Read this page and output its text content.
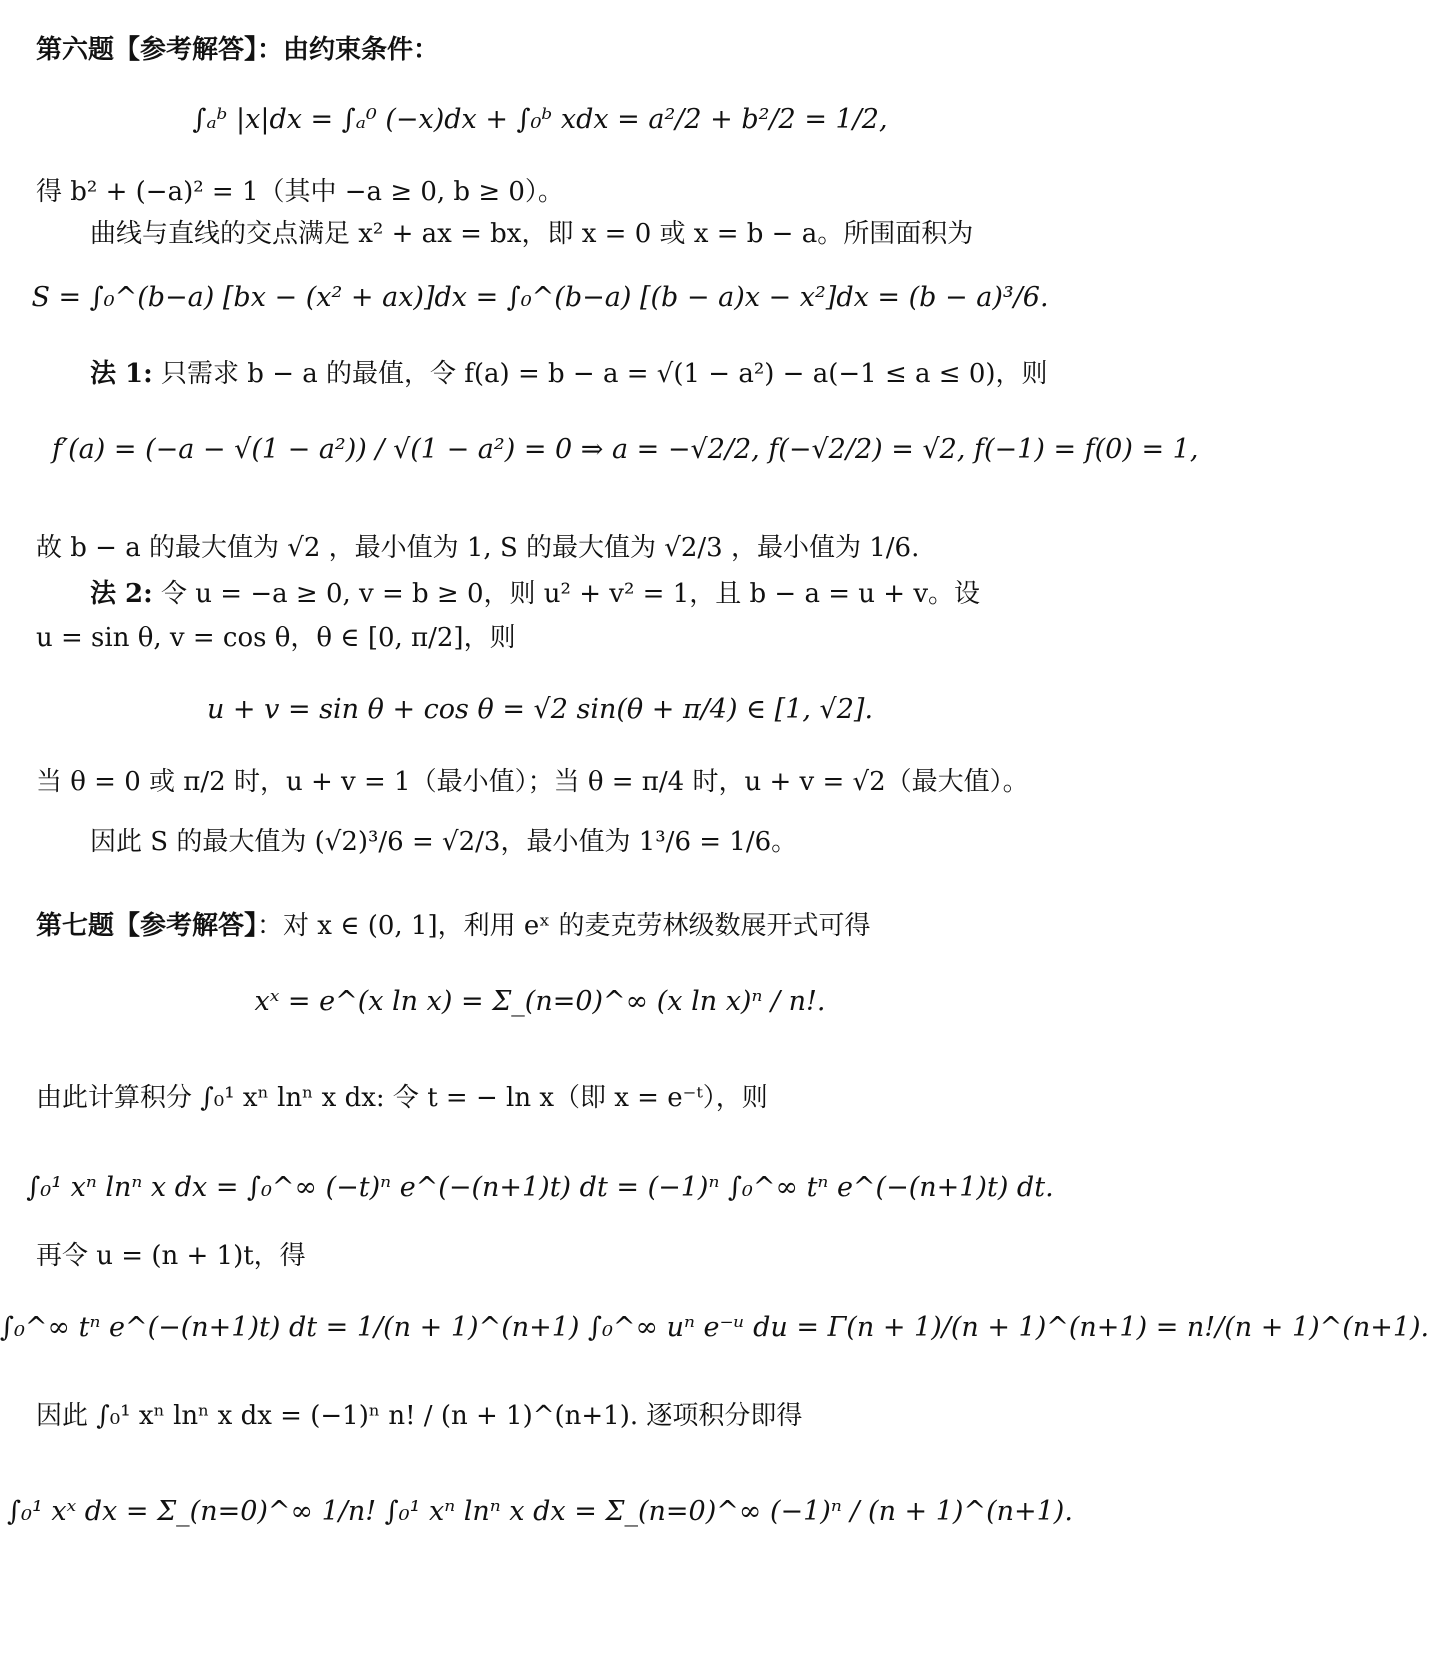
第六题【参考解答】：由约束条件：
∫ₐᵇ |x|dx = ∫ₐ⁰ (−x)dx + ∫₀ᵇ xdx = a²/2 + b²/2 = 1/2,
得 b² + (−a)² = 1（其中 −a ≥ 0, b ≥ 0）。
曲线与直线的交点满足 x² + ax = bx，即 x = 0 或 x = b − a。所围面积为
S = ∫₀^(b−a) [bx − (x² + ax)]dx = ∫₀^(b−a) [(b − a)x − x²]dx = (b − a)³/6.
法 1: 只需求 b − a 的最值，令 f(a) = b − a = √(1 − a²) − a(−1 ≤ a ≤ 0)，则
f′(a) = (−a − √(1 − a²)) / √(1 − a²) = 0 ⇒ a = −√2/2, f(−√2/2) = √2, f(−1) = f(0) = 1,
故 b − a 的最大值为 √2 ，最小值为 1, S 的最大值为 √2/3 ，最小值为 1/6.
法 2: 令 u = −a ≥ 0, v = b ≥ 0，则 u² + v² = 1，且 b − a = u + v。设
u = sin θ, v = cos θ，θ ∈ [0, π/2]，则
u + v = sin θ + cos θ = √2 sin(θ + π/4) ∈ [1, √2].
当 θ = 0 或 π/2 时，u + v = 1（最小值）；当 θ = π/4 时，u + v = √2（最大值）。
因此 S 的最大值为 (√2)³/6 = √2/3，最小值为 1³/6 = 1/6。
第七题【参考解答】：对 x ∈ (0, 1]，利用 eˣ 的麦克劳林级数展开式可得
xˣ = e^(x ln x) = Σ_(n=0)^∞ (x ln x)ⁿ / n!.
由此计算积分 ∫₀¹ xⁿ lnⁿ x dx: 令 t = − ln x（即 x = e⁻ᵗ），则
∫₀¹ xⁿ lnⁿ x dx = ∫₀^∞ (−t)ⁿ e^(−(n+1)t) dt = (−1)ⁿ ∫₀^∞ tⁿ e^(−(n+1)t) dt.
再令 u = (n + 1)t，得
∫₀^∞ tⁿ e^(−(n+1)t) dt = 1/(n + 1)^(n+1) ∫₀^∞ uⁿ e⁻ᵘ du = Γ(n + 1)/(n + 1)^(n+1) = n!/(n + 1)^(n+1).
因此 ∫₀¹ xⁿ lnⁿ x dx = (−1)ⁿ n! / (n + 1)^(n+1). 逐项积分即得
∫₀¹ xˣ dx = Σ_(n=0)^∞ 1/n! ∫₀¹ xⁿ lnⁿ x dx = Σ_(n=0)^∞ (−1)ⁿ / (n + 1)^(n+1).
